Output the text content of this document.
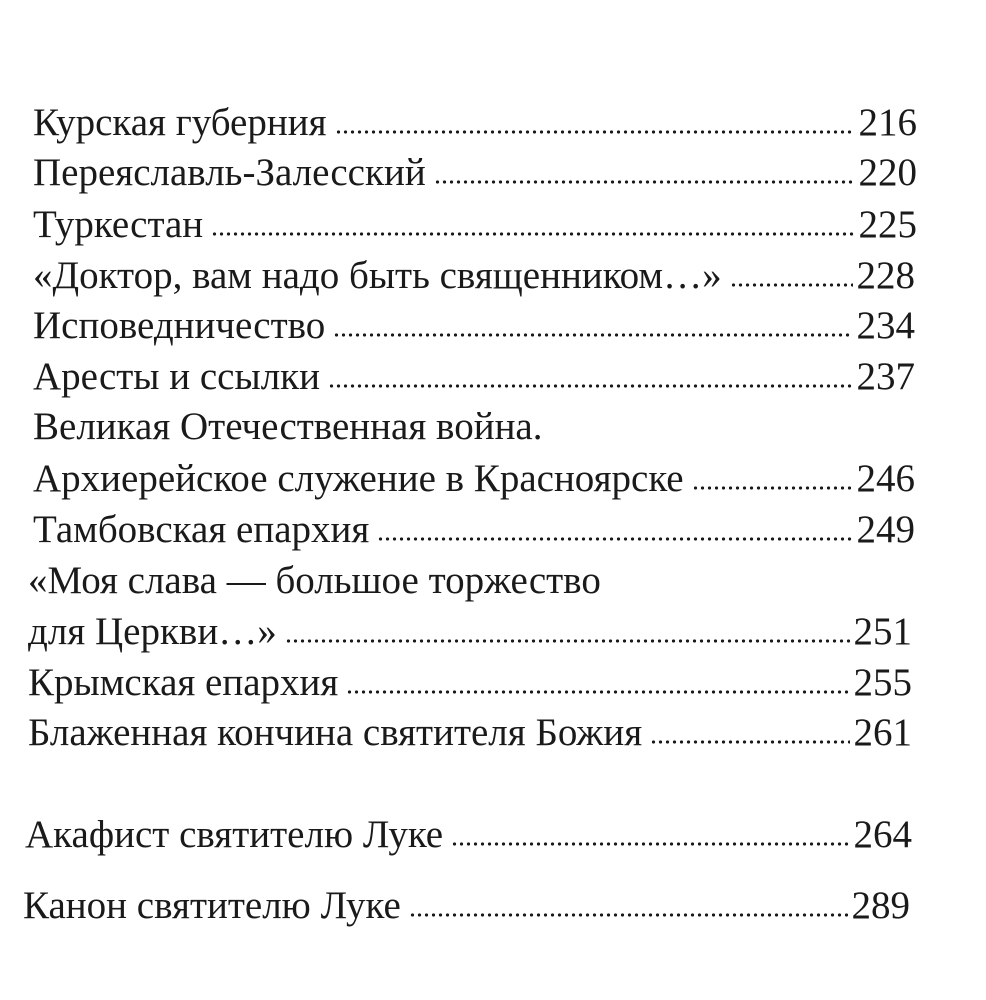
Курская губерния	216
Переяславль-Залесский	220
Туркестан	225
«Доктор, вам надо быть священником…»	228
Исповедничество	234
Аресты и ссылки	237
Великая Отечественная война.
Архиерейское служение в Красноярске	246
Тамбовская епархия	249
«Моя слава — большое торжество
для Церкви…»	251
Крымская епархия	255
Блаженная кончина святителя Божия	261
Акафист святителю Луке	264
Канон святителю Луке	289
